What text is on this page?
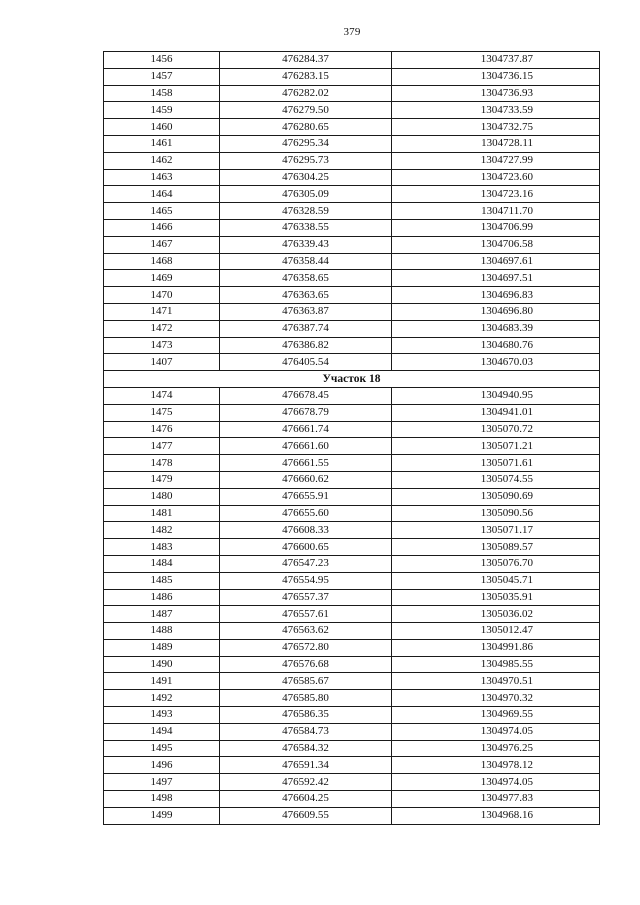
379
1456	476284.37	1304737.87
1457	476283.15	1304736.15
1458	476282.02	1304736.93
1459	476279.50	1304733.59
1460	476280.65	1304732.75
1461	476295.34	1304728.11
1462	476295.73	1304727.99
1463	476304.25	1304723.60
1464	476305.09	1304723.16
1465	476328.59	1304711.70
1466	476338.55	1304706.99
1467	476339.43	1304706.58
1468	476358.44	1304697.61
1469	476358.65	1304697.51
1470	476363.65	1304696.83
1471	476363.87	1304696.80
1472	476387.74	1304683.39
1473	476386.82	1304680.76
1407	476405.54	1304670.03
Участок 18		
1474	476678.45	1304940.95
1475	476678.79	1304941.01
1476	476661.74	1305070.72
1477	476661.60	1305071.21
1478	476661.55	1305071.61
1479	476660.62	1305074.55
1480	476655.91	1305090.69
1481	476655.60	1305090.56
1482	476608.33	1305071.17
1483	476600.65	1305089.57
1484	476547.23	1305076.70
1485	476554.95	1305045.71
1486	476557.37	1305035.91
1487	476557.61	1305036.02
1488	476563.62	1305012.47
1489	476572.80	1304991.86
1490	476576.68	1304985.55
1491	476585.67	1304970.51
1492	476585.80	1304970.32
1493	476586.35	1304969.55
1494	476584.73	1304974.05
1495	476584.32	1304976.25
1496	476591.34	1304978.12
1497	476592.42	1304974.05
1498	476604.25	1304977.83
1499	476609.55	1304968.16
